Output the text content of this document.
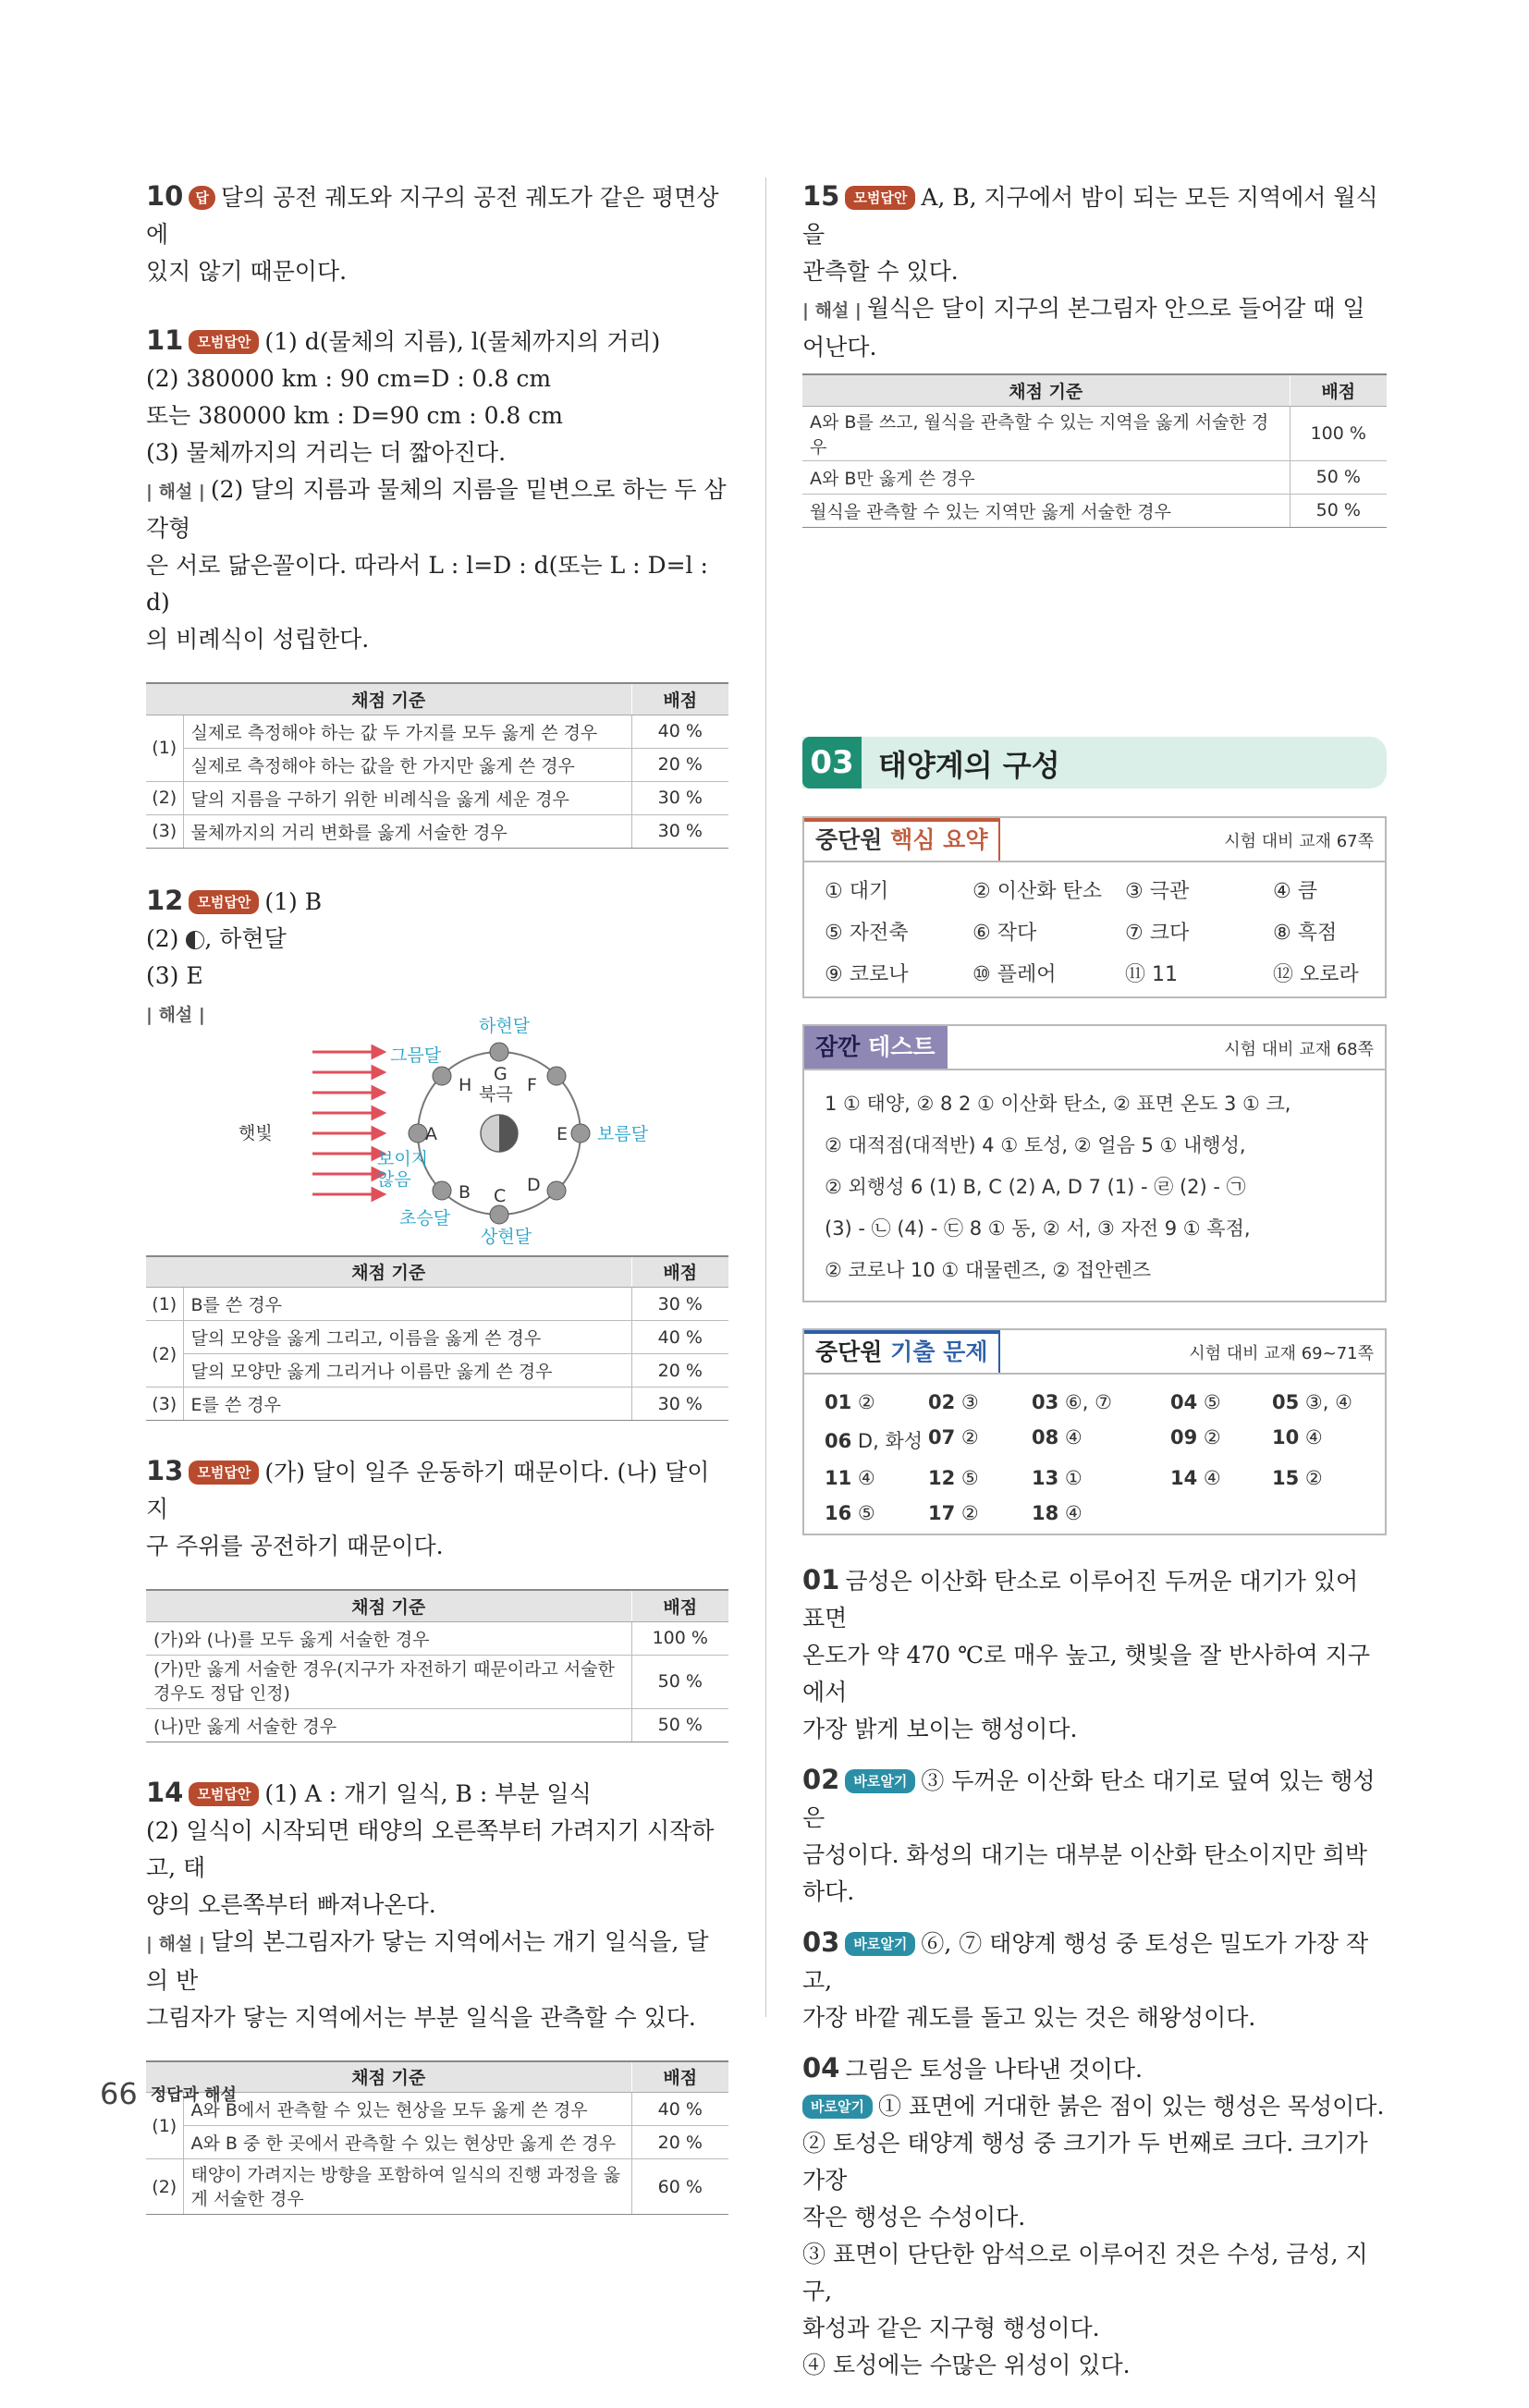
10 답 달의 공전 궤도와 지구의 공전 궤도가 같은 평면상에
있지 않기 때문이다.
11 모범답안 (1) d(물체의 지름), l(물체까지의 거리)
(2) 380000 km : 90 cm=D : 0.8 cm
또는 380000 km : D=90 cm : 0.8 cm
(3) 물체까지의 거리는 더 짧아진다.
| 해설 | (2) 달의 지름과 물체의 지름을 밑변으로 하는 두 삼각형
은 서로 닮은꼴이다. 따라서 L : l=D : d(또는 L : D=l : d)
의 비례식이 성립한다.
채점 기준		배점
(1)	실제로 측정해야 하는 값 두 가지를 모두 옳게 쓴 경우	40 %
	실제로 측정해야 하는 값을 한 가지만 옳게 쓴 경우	20 %
(2)	달의 지름을 구하기 위한 비례식을 옳게 세운 경우	30 %
(3)	물체까지의 거리 변화를 옳게 서술한 경우	30 %
12 모범답안 (1) B
(2) , 하현달
(3) E
| 해설 |
햇빛
북극
A
B C
D
E
F
G
H
하현달
상현달
보름달
그믐달
보이지
않음
초승달
채점 기준		배점
(1)	B를 쓴 경우	30 %
(2)	달의 모양을 옳게 그리고, 이름을 옳게 쓴 경우	40 %
	달의 모양만 옳게 그리거나 이름만 옳게 쓴 경우	20 %
(3)	E를 쓴 경우	30 %
13 모범답안 (가) 달이 일주 운동하기 때문이다. (나) 달이 지
구 주위를 공전하기 때문이다.
채점 기준	배점
(가)와 (나)를 모두 옳게 서술한 경우	100 %
(가)만 옳게 서술한 경우(지구가 자전하기 때문이라고 서술한 경우도 정답 인정)	50 %
(나)만 옳게 서술한 경우	50 %
14 모범답안 (1) A : 개기 일식, B : 부분 일식
(2) 일식이 시작되면 태양의 오른쪽부터 가려지기 시작하고, 태
양의 오른쪽부터 빠져나온다.
| 해설 | 달의 본그림자가 닿는 지역에서는 개기 일식을, 달의 반
그림자가 닿는 지역에서는 부분 일식을 관측할 수 있다.
채점 기준		배점
(1)	A와 B에서 관측할 수 있는 현상을 모두 옳게 쓴 경우	40 %
	A와 B 중 한 곳에서 관측할 수 있는 현상만 옳게 쓴 경우	20 %
(2)	태양이 가려지는 방향을 포함하여 일식의 진행 과정을 옳게 서술한 경우	60 %
15 모범답안 A, B, 지구에서 밤이 되는 모든 지역에서 월식을
관측할 수 있다.
| 해설 | 월식은 달이 지구의 본그림자 안으로 들어갈 때 일어난다.
채점 기준	배점
A와 B를 쓰고, 월식을 관측할 수 있는 지역을 옳게 서술한 경우	100 %
A와 B만 옳게 쓴 경우	50 %
월식을 관측할 수 있는 지역만 옳게 서술한 경우	50 %
03 태양계의 구성
중단원 핵심 요약	시험 대비 교재 67쪽
① 대기	② 이산화 탄소	③ 극관	④ 큼
⑤ 자전축	⑥ 작다	⑦ 크다	⑧ 흑점
⑨ 코로나	⑩ 플레어	⑪ 11	⑫ 오로라
잠깐 테스트	시험 대비 교재 68쪽
1 ① 태양, ② 8 2 ① 이산화 탄소, ② 표면 온도 3 ① 크,
② 대적점(대적반) 4 ① 토성, ② 얼음 5 ① 내행성,
② 외행성 6 (1) B, C (2) A, D 7 (1) - ㉣ (2) - ㉠
(3) - ㉡ (4) - ㉢ 8 ① 동, ② 서, ③ 자전 9 ① 흑점,
② 코로나 10 ① 대물렌즈, ② 접안렌즈
중단원 기출 문제	시험 대비 교재 69~71쪽
01 ②	02 ③	03 ⑥, ⑦	04 ⑤	05 ③, ④
06 D, 화성 07 ②	08 ④	09 ②	10 ④
11 ④	12 ⑤	13 ①	14 ④	15 ②
16 ⑤	17 ②	18 ④
01 금성은 이산화 탄소로 이루어진 두꺼운 대기가 있어 표면
온도가 약 470 ℃로 매우 높고, 햇빛을 잘 반사하여 지구에서
가장 밝게 보이는 행성이다.
02 바로알기 ③ 두꺼운 이산화 탄소 대기로 덮여 있는 행성은
금성이다. 화성의 대기는 대부분 이산화 탄소이지만 희박하다.
03 바로알기 ⑥, ⑦ 태양계 행성 중 토성은 밀도가 가장 작고,
가장 바깥 궤도를 돌고 있는 것은 해왕성이다.
04 그림은 토성을 나타낸 것이다.
바로알기 ① 표면에 거대한 붉은 점이 있는 행성은 목성이다.
② 토성은 태양계 행성 중 크기가 두 번째로 크다. 크기가 가장
작은 행성은 수성이다.
③ 표면이 단단한 암석으로 이루어진 것은 수성, 금성, 지구,
화성과 같은 지구형 행성이다.
④ 토성에는 수많은 위성이 있다.
66 정답과 해설
